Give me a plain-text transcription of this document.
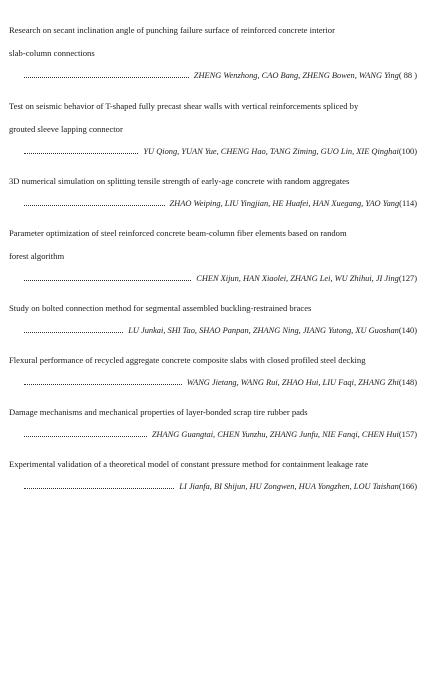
Research on secant inclination angle of punching failure surface of reinforced concrete interior
slab-column connections
ZHENG Wenzhong, CAO Bang, ZHENG Bowen, WANG Ying ( 88 )
Test on seismic behavior of T-shaped fully precast shear walls with vertical reinforcements spliced by
grouted sleeve lapping connector
YU Qiong, YUAN Yue, CHENG Hao, TANG Ziming, GUO Lin, XIE Qinghai (100)
3D numerical simulation on splitting tensile strength of early-age concrete with random aggregates
ZHAO Weiping, LIU Yingjian, HE Huafei, HAN Xuegang, YAO Yang (114)
Parameter optimization of steel reinforced concrete beam-column fiber elements based on random
forest algorithm
CHEN Xijun, HAN Xiaolei, ZHANG Lei, WU Zhihui, JI Jing (127)
Study on bolted connection method for segmental assembled buckling-restrained braces
LU Junkai, SHI Tao, SHAO Panpan, ZHANG Ning, JIANG Yutong, XU Guoshan (140)
Flexural performance of recycled aggregate concrete composite slabs with closed profiled steel decking
WANG Jietang, WANG Rui, ZHAO Hui, LIU Faqi, ZHANG Zhi (148)
Damage mechanisms and mechanical properties of layer-bonded scrap tire rubber pads
ZHANG Guangtai, CHEN Yunzhu, ZHANG Junfu, NIE Fanqi, CHEN Hui (157)
Experimental validation of a theoretical model of constant pressure method for containment leakage rate
LI Jianfa, BI Shijun, HU Zongwen, HUA Yongzhen, LOU Taishan (166)
